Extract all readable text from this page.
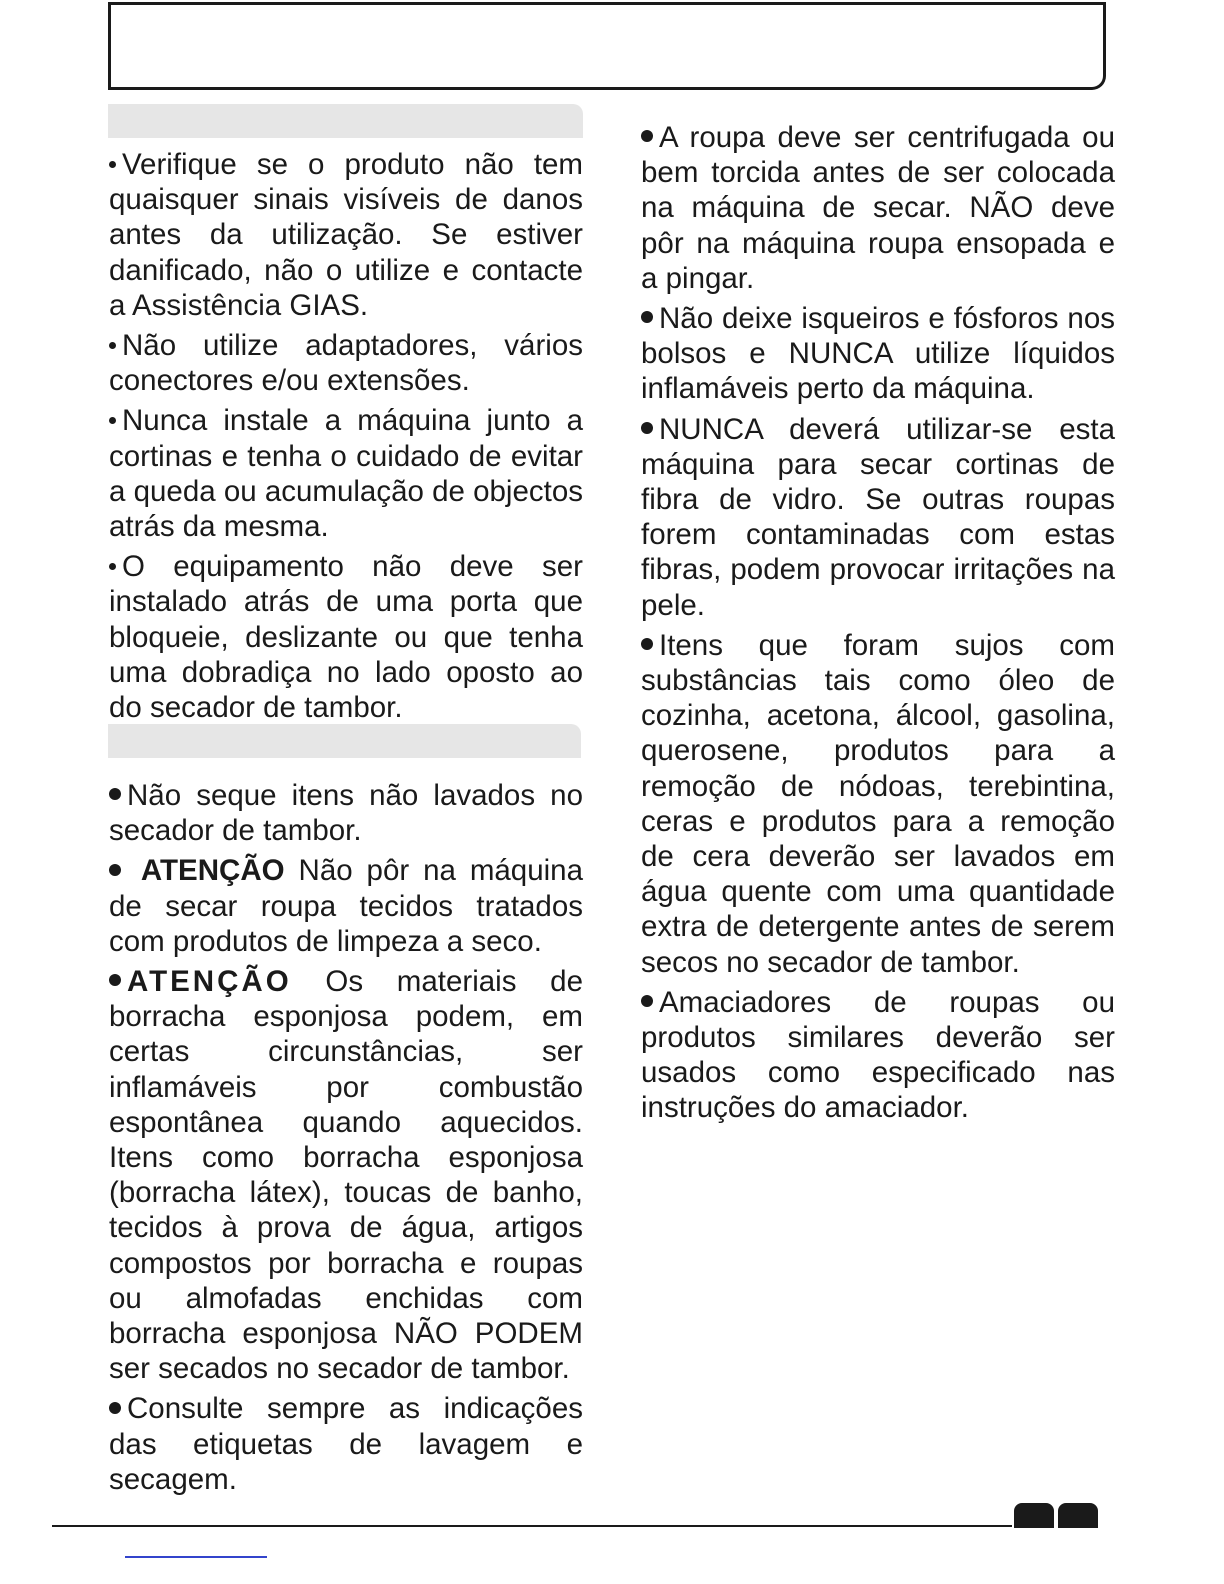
Verifique se o produto não tem quaisquer sinais visíveis de danos antes da utilização. Se estiver danificado, não o utilize e contacte a Assistência GIAS.

Não utilize adaptadores, vários conectores e/ou extensões.

Nunca instale a máquina junto a cortinas e tenha o cuidado de evitar a queda ou acumulação de objectos atrás da mesma.

O equipamento não deve ser instalado atrás de uma porta que bloqueie, deslizante ou que tenha uma dobradiça no lado oposto ao do secador de tambor.

Não seque itens não lavados no secador de tambor.

ATENÇÃO Não pôr na máquina de secar roupa tecidos tratados com produtos de limpeza a seco.

ATENÇÃO Os materiais de borracha esponjosa podem, em certas circunstâncias, ser inflamáveis por combustão espontânea quando aquecidos. Itens como borracha esponjosa (borracha látex), toucas de banho, tecidos à prova de água, artigos compostos por borracha e roupas ou almofadas enchidas com borracha esponjosa NÃO PODEM ser secados no secador de tambor.

Consulte sempre as indicações das etiquetas de lavagem e secagem.

A roupa deve ser centrifugada ou bem torcida antes de ser colocada na máquina de secar. NÃO deve pôr na máquina roupa ensopada e a pingar.

Não deixe isqueiros e fósforos nos bolsos e NUNCA utilize líquidos inflamáveis perto da máquina.

NUNCA deverá utilizar-se esta máquina para secar cortinas de fibra de vidro. Se outras roupas forem contaminadas com estas fibras, podem provocar irritações na pele.

Itens que foram sujos com substâncias tais como óleo de cozinha, acetona, álcool, gasolina, querosene, produtos para a remoção de nódoas, terebintina, ceras e produtos para a remoção de cera deverão ser lavados em água quente com uma quantidade extra de detergente antes de serem secos no secador de tambor.

Amaciadores de roupas ou produtos similares deverão ser usados como especificado nas instruções do amaciador.
